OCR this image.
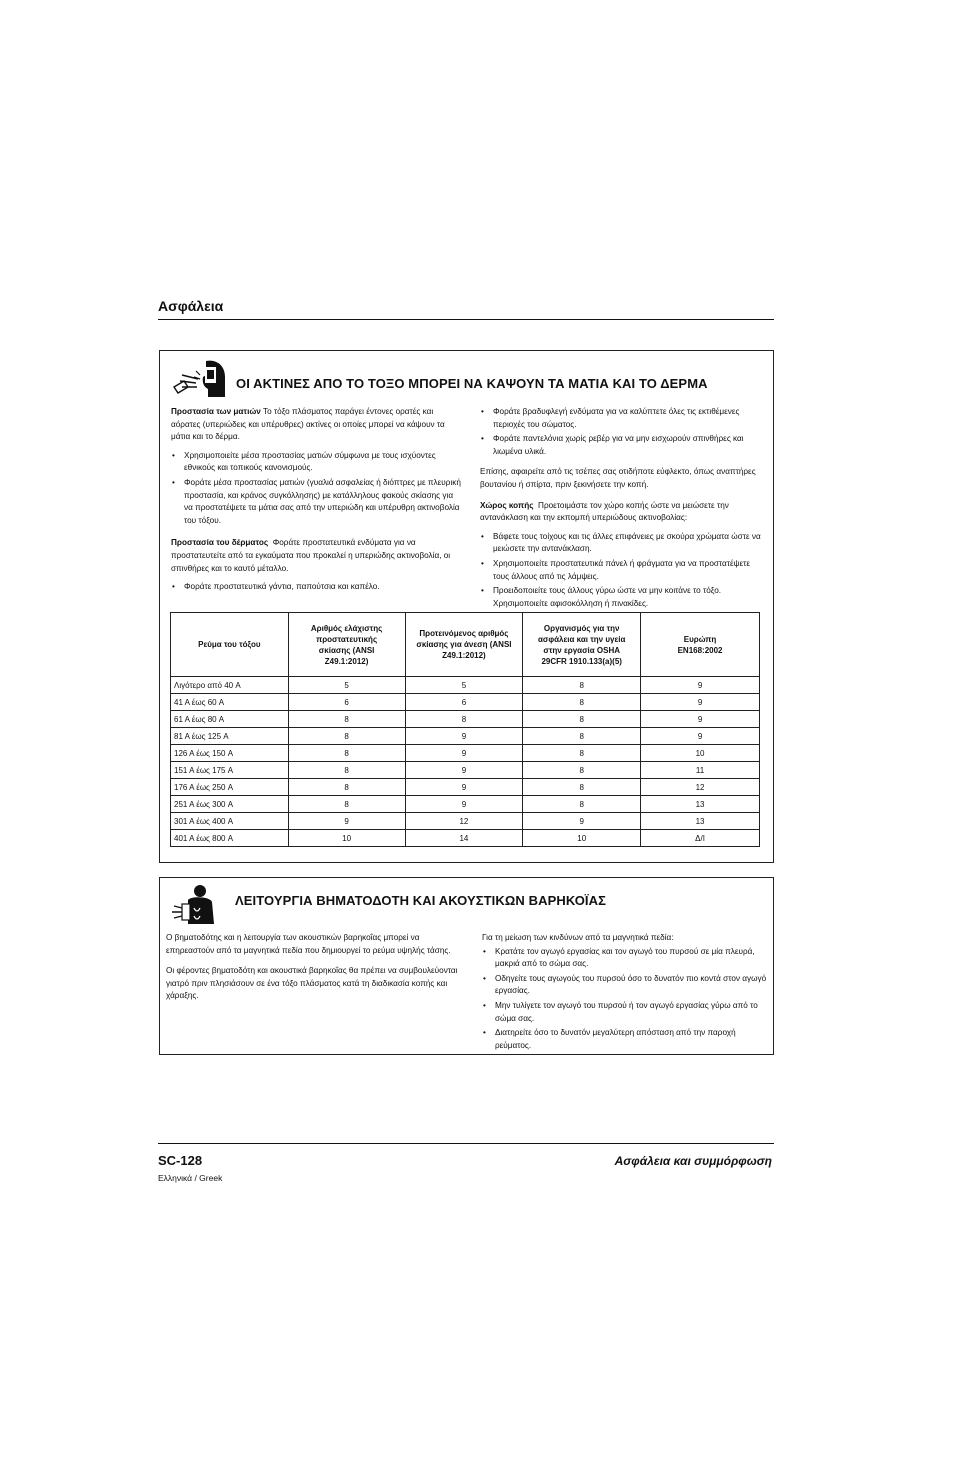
Ασφάλεια
ΟΙ ΑΚΤΙΝΕΣ ΑΠΟ ΤΟ ΤΟΞΟ ΜΠΟΡΕΙ ΝΑ ΚΑΨΟΥΝ ΤΑ ΜΑΤΙΑ ΚΑΙ ΤΟ ΔΕΡΜΑ

Προστασία των ματιών Το τόξο πλάσματος παράγει έντονες ορατές και αόρατες (υπεριώδεις και υπέρυθρες) ακτίνες οι οποίες μπορεί να κάψουν τα μάτια και το δέρμα.

• Χρησιμοποιείτε μέσα προστασίας ματιών σύμφωνα με τους ισχύοντες εθνικούς και τοπικούς κανονισμούς.
• Φοράτε μέσα προστασίας ματιών (γυαλιά ασφαλείας ή διόπτρες με πλευρική προστασία, και κράνος συγκόλλησης) με κατάλληλους φακούς σκίασης για να προστατέψετε τα μάτια σας από την υπεριώδη και υπέρυθρη ακτινοβολία του τόξου.

Προστασία του δέρματος Φοράτε προστατευτικά ενδύματα για να προστατευτείτε από τα εγκαύματα που προκαλεί η υπεριώδης ακτινοβολία, οι σπινθήρες και το καυτό μέταλλο.

• Φοράτε προστατευτικά γάντια, παπούτσια και καπέλο.
• Φοράτε βραδυφλεγή ενδύματα για να καλύπτετε όλες τις εκτιθέμενες περιοχές του σώματος.
• Φοράτε παντελόνια χωρίς ρεβέρ για να μην εισχωρούν σπινθήρες και λιωμένα υλικά.

Επίσης, αφαιρείτε από τις τσέπες σας οτιδήποτε εύφλεκτο, όπως αναπτήρες βουτανίου ή σπίρτα, πριν ξεκινήσετε την κοπή.

Χώρος κοπής Προετοιμάστε τον χώρο κοπής ώστε να μειώσετε την αντανάκλαση και την εκπομπή υπεριώδους ακτινοβολίας:

• Βάφετε τους τοίχους και τις άλλες επιφάνειες με σκούρα χρώματα ώστε να μειώσετε την αντανάκλαση.
• Χρησιμοποιείτε προστατευτικά πάνελ ή φράγματα για να προστατέψετε τους άλλους από τις λάμψεις.
• Προειδοποιείτε τους άλλους γύρω ώστε να μην κοιτάνε το τόξο. Χρησιμοποιείτε αφισοκόλληση ή πινακίδες.
Ρεύμα του τόξου	Αριθμός ελάχιστης προστατευτικής σκίασης (ANSI Z49.1:2012)	Προτεινόμενος αριθμός σκίασης για άνεση (ANSI Z49.1:2012)	Οργανισμός για την ασφάλεια και την υγεία στην εργασία OSHA 29CFR 1910.133(a)(5)	Ευρώπη EN168:2002
Λιγότερο από 40 A	5	5	8	9
41 A έως 60 A	6	6	8	9
61 A έως 80 A	8	8	8	9
81 A έως 125 A	8	9	8	9
126 A έως 150 A	8	9	8	10
151 A έως 175 A	8	9	8	11
176 A έως 250 A	8	9	8	12
251 A έως 300 A	8	9	8	13
301 A έως 400 A	9	12	9	13
401 A έως 800 A	10	14	10	Δ/Ι
ΛΕΙΤΟΥΡΓΙΑ ΒΗΜΑΤΟΔΟΤΗ ΚΑΙ ΑΚΟΥΣΤΙΚΩΝ ΒΑΡΗΚΟΪΑΣ

Ο βηματοδότης και η λειτουργία των ακουστικών βαρηκοΐας μπορεί να επηρεαστούν από τα μαγνητικά πεδία που δημιουργεί το ρεύμα υψηλής τάσης.

Οι φέροντες βηματοδότη και ακουστικά βαρηκοΐας θα πρέπει να συμβουλεύονται γιατρό πριν πλησιάσουν σε ένα τόξο πλάσματος κατά τη διαδικασία κοπής και χάραξης.

Για τη μείωση των κινδύνων από τα μαγνητικά πεδία:

• Κρατάτε τον αγωγό εργασίας και τον αγωγό του πυρσού σε μία πλευρά, μακριά από το σώμα σας.
• Οδηγείτε τους αγωγούς του πυρσού όσο το δυνατόν πιο κοντά στον αγωγό εργασίας.
• Μην τυλίγετε τον αγωγό του πυρσού ή τον αγωγό εργασίας γύρω από το σώμα σας.
• Διατηρείτε όσο το δυνατόν μεγαλύτερη απόσταση από την παροχή ρεύματος.
SC-128	Ασφάλεια και συμμόρφωση
Ελληνικά / Greek
